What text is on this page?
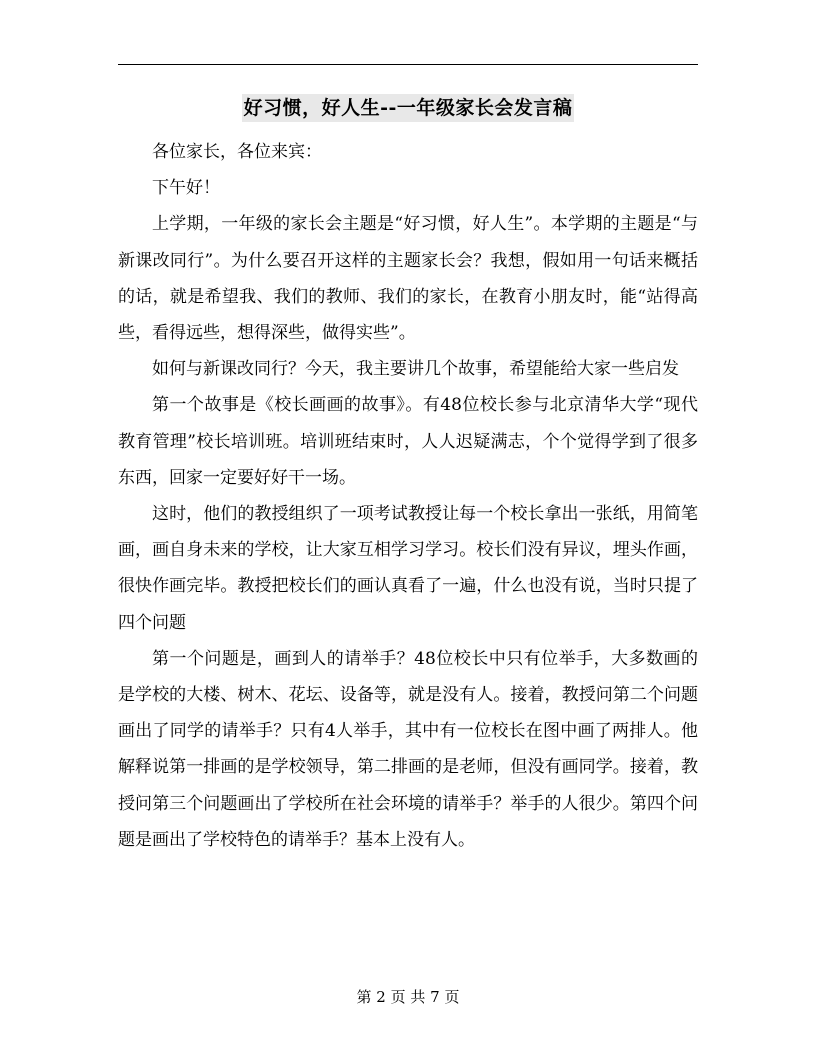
好习惯，好人生--一年级家长会发言稿

各位家长，各位来宾：

下午好！

上学期，一年级的家长会主题是“好习惯，好人生”。本学期的主题是“与新课改同行”。为什么要召开这样的主题家长会？我想，假如用一句话来概括的话，就是希望我、我们的教师、我们的家长，在教育小朋友时，能“站得高些，看得远些，想得深些，做得实些”。

如何与新课改同行？今天，我主要讲几个故事，希望能给大家一些启发

第一个故事是《校长画画的故事》。有48位校长参与北京清华大学“现代教育管理”校长培训班。培训班结束时，人人迟疑满志，个个觉得学到了很多东西，回家一定要好好干一场。

这时，他们的教授组织了一项考试教授让每一个校长拿出一张纸，用简笔画，画自身未来的学校，让大家互相学习学习。校长们没有异议，埋头作画，很快作画完毕。教授把校长们的画认真看了一遍，什么也没有说，当时只提了四个问题

第一个问题是，画到人的请举手？48位校长中只有位举手，大多数画的是学校的大楼、树木、花坛、设备等，就是没有人。接着，教授问第二个问题画出了同学的请举手？只有4人举手，其中有一位校长在图中画了两排人。他解释说第一排画的是学校领导，第二排画的是老师，但没有画同学。接着，教授问第三个问题画出了学校所在社会环境的请举手？举手的人很少。第四个问题是画出了学校特色的请举手？基本上没有人。

第 2 页 共 7 页
